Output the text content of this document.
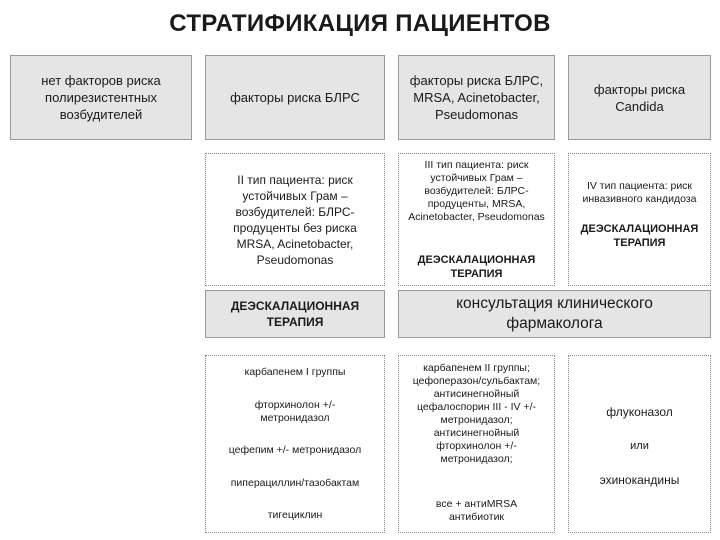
СТРАТИФИКАЦИЯ ПАЦИЕНТОВ
нет факторов риска полирезистентных возбудителей
факторы риска БЛРС
факторы риска БЛРС, MRSA, Acinetobacter, Pseudomonas
факторы риска Candida
II тип пациента: риск устойчивых Грам – возбудителей: БЛРС-продуценты без риска MRSA, Acinetobacter, Pseudomonas
III тип пациента: риск устойчивых Грам – возбудителей: БЛРС-продуценты, MRSA, Acinetobacter, Pseudomonas
ДЕЭСКАЛАЦИОННАЯ ТЕРАПИЯ
IV тип пациента: риск инвазивного кандидоза
ДЕЭСКАЛАЦИОННАЯ ТЕРАПИЯ
ДЕЭСКАЛАЦИОННАЯ ТЕРАПИЯ
консультация клинического фармаколога
карбапенем I группы
фторхинолон +/- метронидазол
цефепим +/- метронидазол
пиперациллин/тазобактам
тигециклин
карбапенем II группы; цефоперазон/сульбактам; антисинегнойный цефалоспорин III - IV +/- метронидазол; антисинегнойный фторхинолон +/- метронидазол;
все + антиMRSA антибиотик
флуконазол
или
эхинокандины
